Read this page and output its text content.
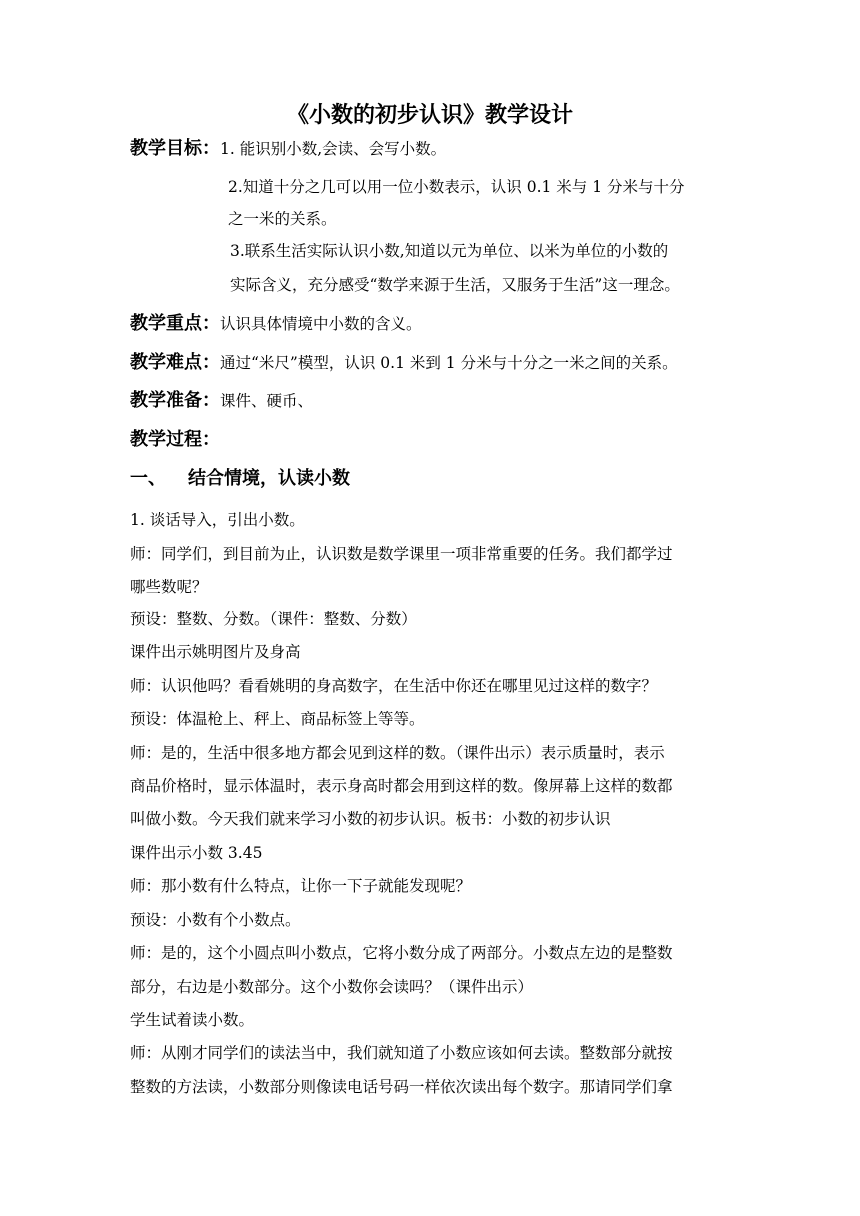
《小数的初步认识》教学设计
教学目标：1. 能识别小数,会读、会写小数。
2.知道十分之几可以用一位小数表示，认识 0.1 米与 1 分米与十分
之一米的关系。
3.联系生活实际认识小数,知道以元为单位、以米为单位的小数的
实际含义，充分感受“数学来源于生活，又服务于生活”这一理念。
教学重点：认识具体情境中小数的含义。
教学难点：通过“米尺”模型，认识 0.1 米到 1 分米与十分之一米之间的关系。
教学准备：课件、硬币、
教学过程：
一、 结合情境，认读小数
1. 谈话导入，引出小数。
师：同学们，到目前为止，认识数是数学课里一项非常重要的任务。我们都学过
哪些数呢？
预设：整数、分数。（课件：整数、分数）
课件出示姚明图片及身高
师：认识他吗？看看姚明的身高数字，在生活中你还在哪里见过这样的数字？
预设：体温枪上、秤上、商品标签上等等。
师：是的，生活中很多地方都会见到这样的数。（课件出示）表示质量时，表示
商品价格时，显示体温时，表示身高时都会用到这样的数。像屏幕上这样的数都
叫做小数。今天我们就来学习小数的初步认识。板书：小数的初步认识
课件出示小数 3.45
师：那小数有什么特点，让你一下子就能发现呢？
预设：小数有个小数点。
师：是的，这个小圆点叫小数点，它将小数分成了两部分。小数点左边的是整数
部分，右边是小数部分。这个小数你会读吗？（课件出示）
学生试着读小数。
师：从刚才同学们的读法当中，我们就知道了小数应该如何去读。整数部分就按
整数的方法读，小数部分则像读电话号码一样依次读出每个数字。那请同学们拿
